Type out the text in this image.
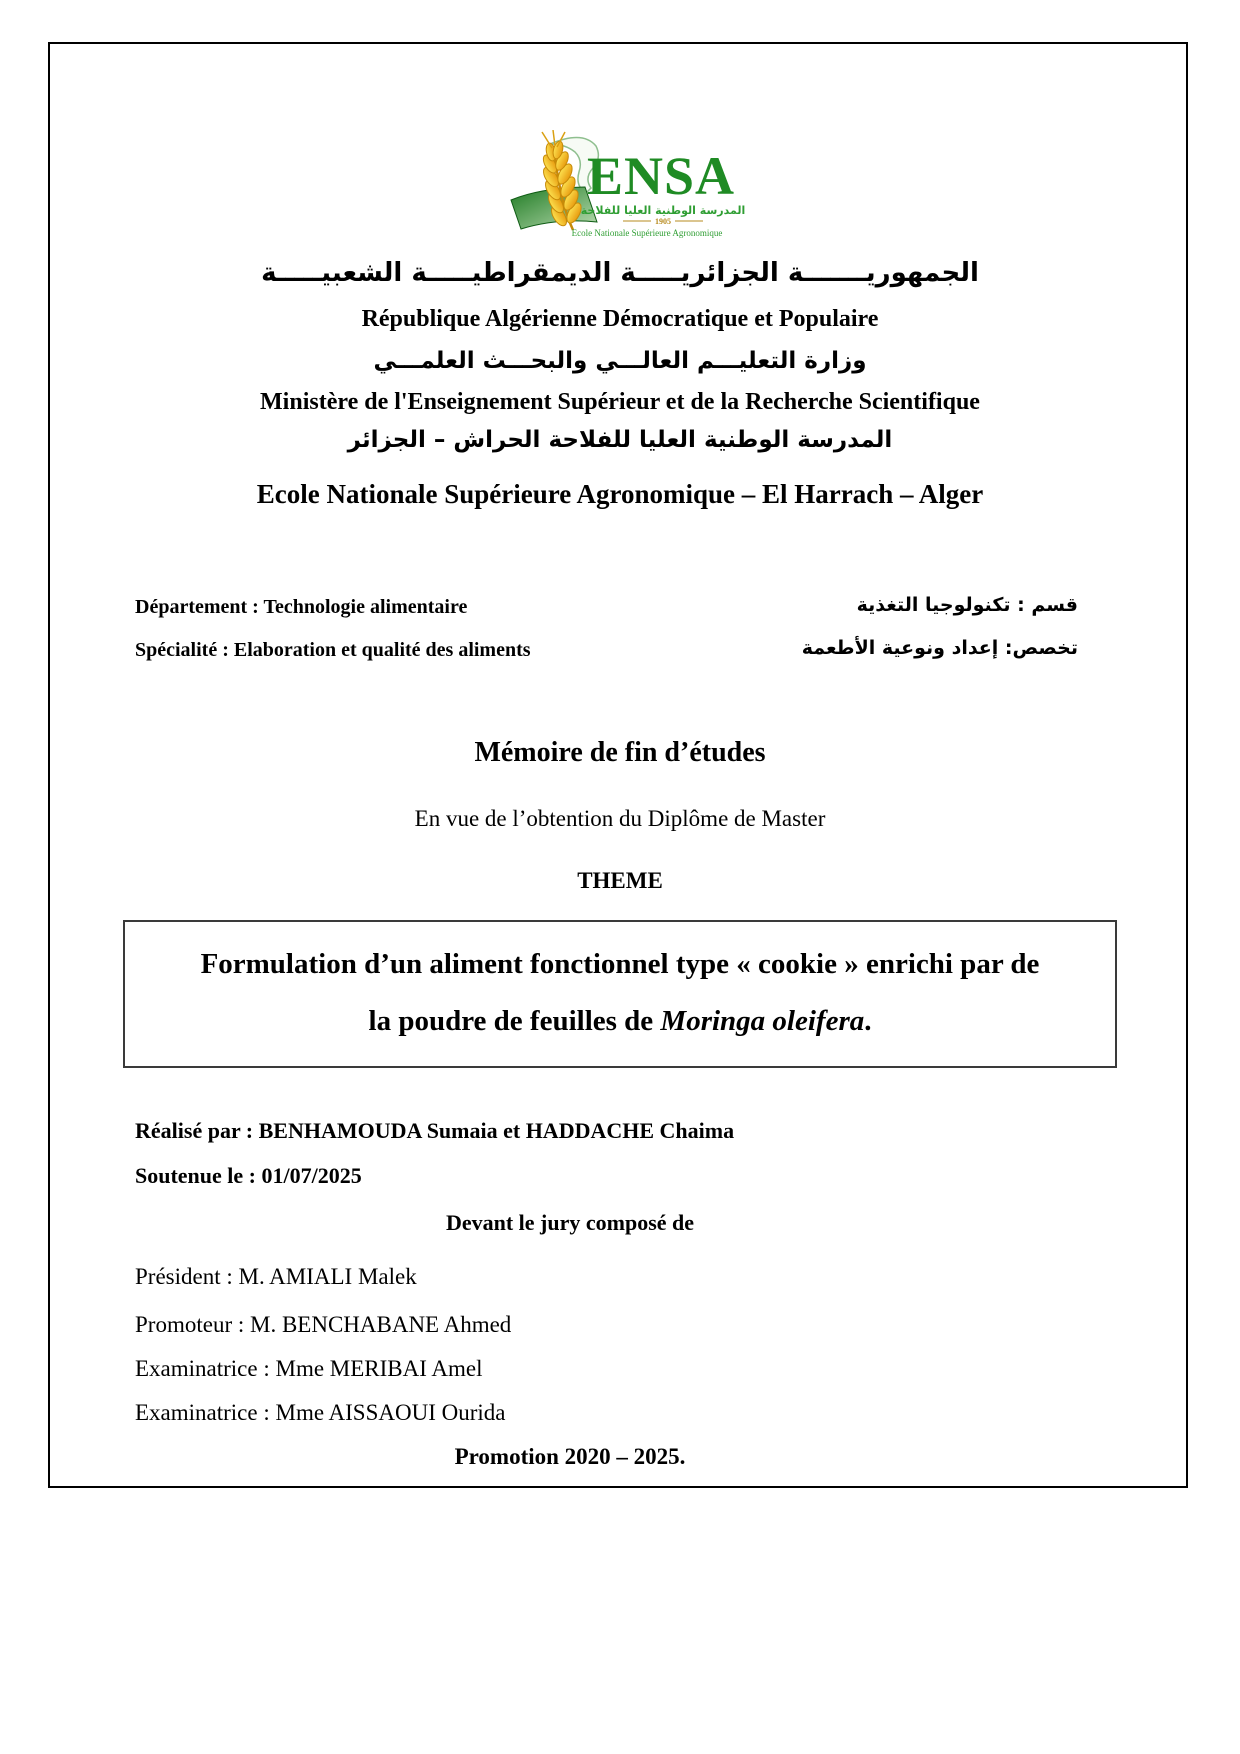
ENSA
المدرسة الوطنية العليا للفلاحة
1905
Ecole Nationale Supérieure Agronomique
الجمهوريـــــــة الجزائريـــــة الديمقراطيـــــة الشعبيـــــة
République Algérienne Démocratique et Populaire
وزارة التعليـــم العالـــي والبحـــث العلمـــي
Ministère de l'Enseignement Supérieur et de la Recherche Scientifique
المدرسة الوطنية العليا للفلاحة الحراش – الجزائر
Ecole Nationale Supérieure Agronomique – El Harrach – Alger
Département : Technologie alimentaire	قسم : تكنولوجيا التغذية
Spécialité : Elaboration et qualité des aliments	تخصص: إعداد ونوعية الأطعمة
Mémoire de fin d’études
En vue de l’obtention du Diplôme de Master
THEME
Formulation d’un aliment fonctionnel type « cookie » enrichi par de
la poudre de feuilles de Moringa oleifera.
Réalisé par : BENHAMOUDA Sumaia et HADDACHE Chaima
Soutenue le : 01/07/2025
Devant le jury composé de
Président : M. AMIALI Malek
Promoteur : M. BENCHABANE Ahmed
Examinatrice : Mme MERIBAI Amel
Examinatrice : Mme AISSAOUI Ourida
Promotion 2020 – 2025.
